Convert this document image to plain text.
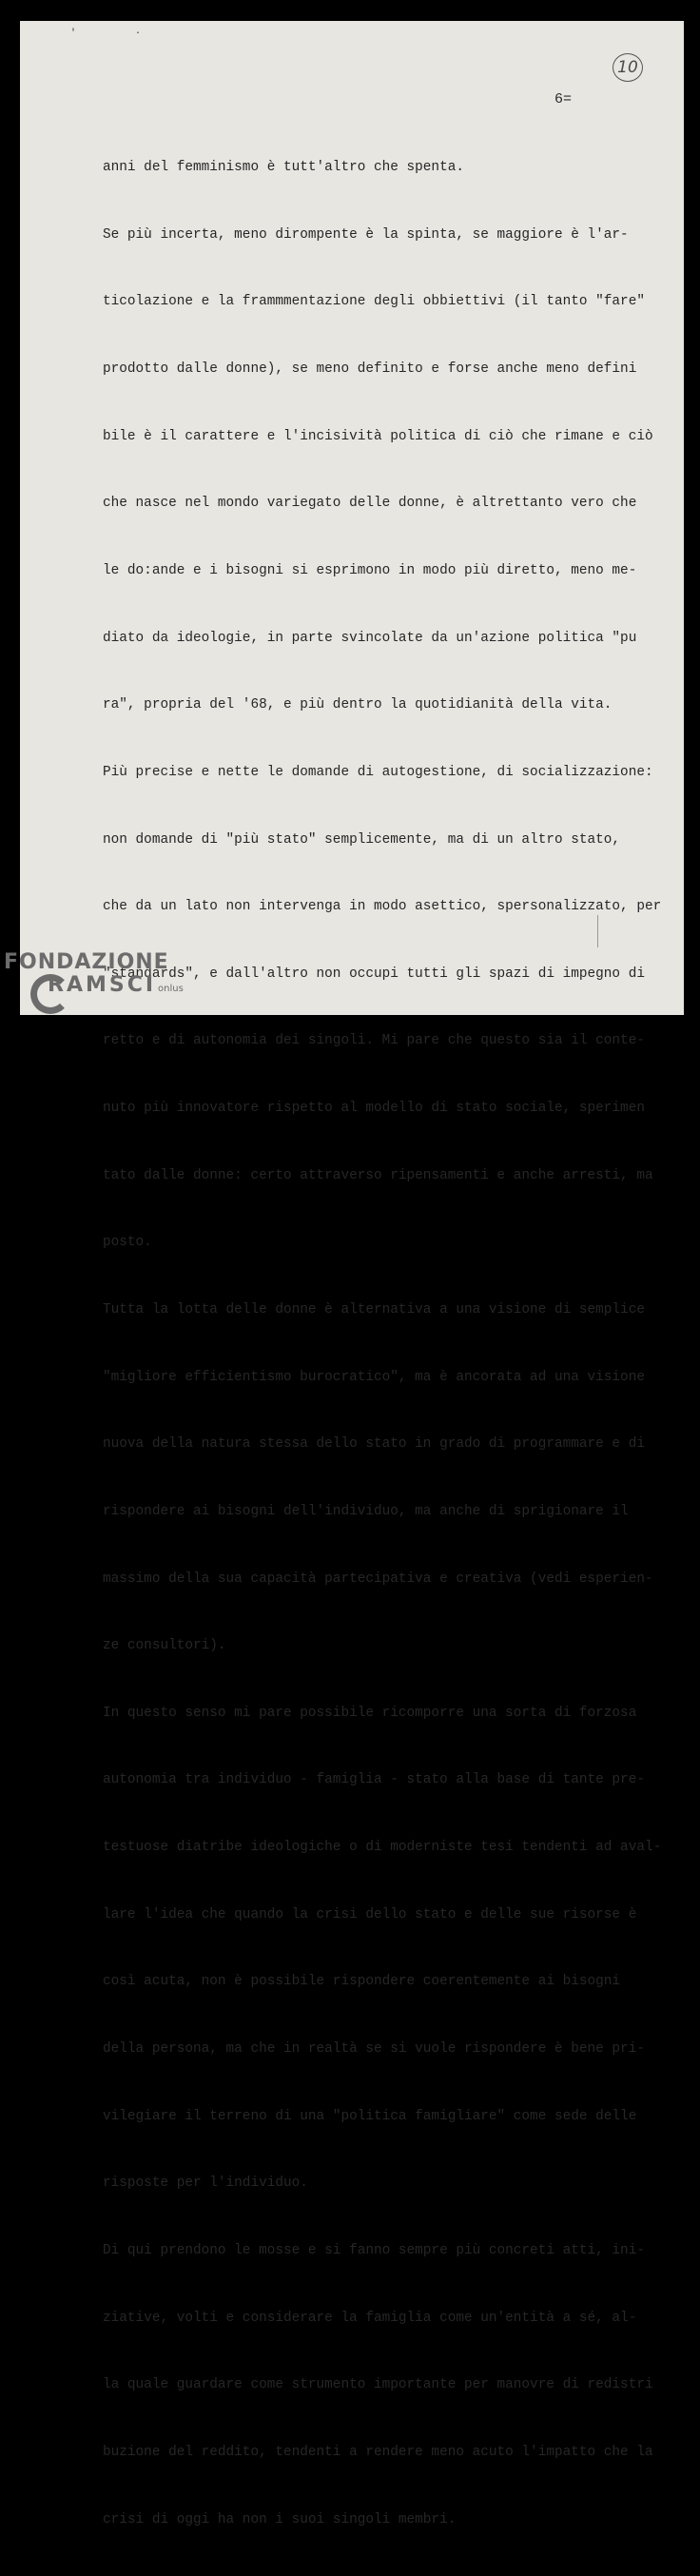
' ·
10
6=

anni del femminismo è tutt'altro che spenta.

Se più incerta, meno dirompente è la spinta, se maggiore è l'ar-

ticolazione e la frammmentazione degli obbiettivi (il tanto "fare"

prodotto dalle donne), se meno definito e forse anche meno defini

bile è il carattere e l'incisività politica di ciò che rimane e ciò

che nasce nel mondo variegato delle donne, è altrettanto vero che

le do:ande e i bisogni si esprimono in modo più diretto, meno me-

diato da ideologie, in parte svincolate da un'azione politica "pu

ra", propria del '68, e più dentro la quotidianità della vita.

Più precise e nette le domande di autogestione, di socializzazione:

non domande di "più stato" semplicemente, ma di un altro stato,

che da un lato non intervenga in modo asettico, spersonalizzato, per

"standards", e dall'altro non occupi tutti gli spazi di impegno di

retto e di autonomia dei singoli. Mi pare che questo sia il conte-

nuto più innovatore rispetto al modello di stato sociale, sperimen

tato dalle donne: certo attraverso ripensamenti e anche arresti, ma

posto.

Tutta la lotta delle donne è alternativa a una visione di semplice

"migliore efficientismo burocratico", ma è ancorata ad una visione

nuova della natura stessa dello stato in grado di programmare e di

rispondere ai bisogni dell'individuo, ma anche di sprigionare il

massimo della sua capacità partecipativa e creativa (vedi esperien-

ze consultori).

In questo senso mi pare possibile ricomporre una sorta di forzosa

autonomia tra individuo - famiglia - stato alla base di tante pre-

testuose diatribe ideologiche o di moderniste tesi tendenti ad aval-

lare l'idea che quando la crisi dello stato e delle sue risorse è

così acuta, non è possibile rispondere coerentemente ai bisogni

della persona, ma che in realtà se si vuole rispondere è bene pri-

vilegiare il terreno di una "politica famigliare" come sede delle

risposte per l'individuo.

Di qui prendono le mosse e si fanno sempre più concreti atti, ini-

ziative, volti e considerare la famiglia come un'entità a sé, al-

la quale guardare come strumento importante per manovre di redistri

buzione del reddito, tendenti a rendere meno acuto l'impatto che la

crisi di oggi ha non i suoi singoli membri.

FONDAZIONE
RAMSCI onlus
